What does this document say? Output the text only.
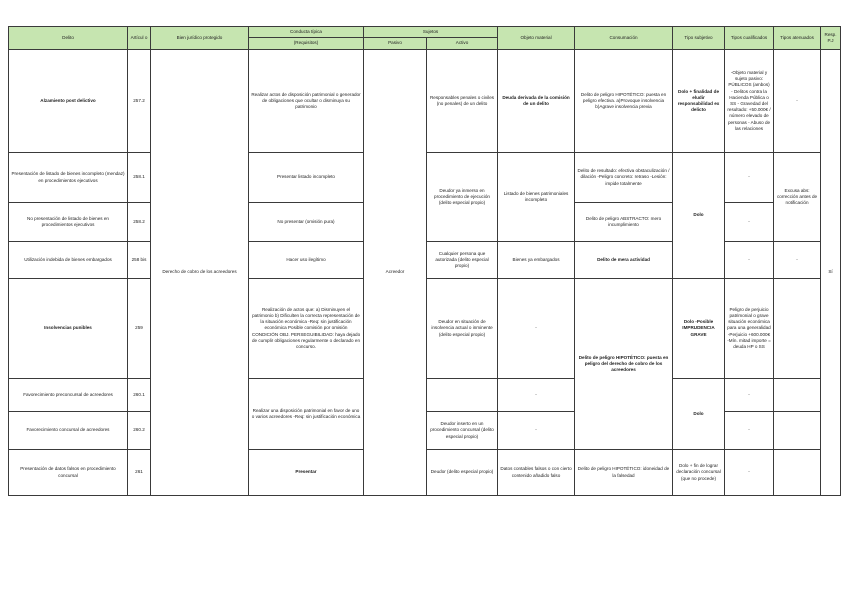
Delito	Artícul o	Bien jurídico protegido	Conducta típica	Sujetos		Objeto material	Consumación	Tipo subjetivo	Tipos cualificados	Tipos atenuados	Resp. P.J
			(Requisitos)	Pasivo	Activo						
Alzamiento post delictivo	257.2	Derecho de cobro de los acreedores	Realizar actos de disposición patrimonial o generador de obligaciones que ocultar o disminuya su patrimonio	Acreedor	Responsables penales o civiles (no penales) de un delito	Deuda derivada de la comisión de un delito	Delito de peligro HIPOTÉTICO: puesta en peligro efectiva. a)Provoque insolvencia b)Agrave insolvencia previa	Dolo + finalidad de eludir responsabilidad ex delicto	-Objeto material y sujeto pasivo: PÚBLICOS (ambos) - Delitos contra la Hacienda Pública o SS - Gravedad del resultado: +50.000€ / número elevado de personas - Abuso de las relaciones	-	Sí
Presentación de listado de bienes incompleto (mendaz) en procedimientos ejecutivos	258.1		Presentar listado incompleto		Deudor ya inmerso en procedimiento de ejecución (delito especial propio)	Listado de bienes patrimoniales incompleto	Delito de resultado: efectiva obstaculización / dilación -Peligro concreto: retraso -Lesión: impide totalmente	Dolo	-	Excusa abs: corrección antes de notificación	
No presentación de listado de bienes en procedimientos ejecutivos	258.2		No presentar (omisión pura)				Delito de peligro ABSTRACTO: mero incumplimiento		-		
Utilización indebida de bienes embargados	258 bis		Hacer uso ilegítimo		Cualquier persona que autorizada (delito especial propio)	Bienes ya embargados	Delito de mera actividad		-	-	
Insolvencias punibles	259		Realización de actos que: a) Disminuyen el patrimonio b) Dificulten la correcta representación de la situación económica -Req: sin justificación económica Posible comisión por omisión CONDICIÓN OBJ. PERSEGUIBILIDAD: haya dejado de cumplir obligaciones regularmente o declarado en concurso.		Deudor en situación de insolvencia actual o inminente (delito especial propio)	-	Delito de peligro HIPOTÉTICO: puesta en peligro del derecho de cobro de los acreedores	Dolo -Posible IMPRUDENCIA GRAVE	Peligro de perjuicio patrimonial o grave situación económica para una generalidad -Perjuicio +600.000€ -Mín. mitad importe = deuda HP o SS		
Favorecimiento preconcursal de acreedores	260.1		Realizar una disposición patrimonial en favor de uno o varios acreedores -Req: sin justificación económica			-		Dolo	-		
Favorecimiento concursal de acreedores	260.2				Deudor inserto en un procedimiento concursal (delito especial propio)	-			-		
Presentación de datos falsos en procedimiento concursal	261		Presentar		Deudor (delito especial propio)	Datos contables falsos o con cierto contenido añadido falso	Delito de peligro HIPOTÉTICO: idoneidad de la falsedad	Dolo + fin de lograr declaración concursal (que no procede)	-		
